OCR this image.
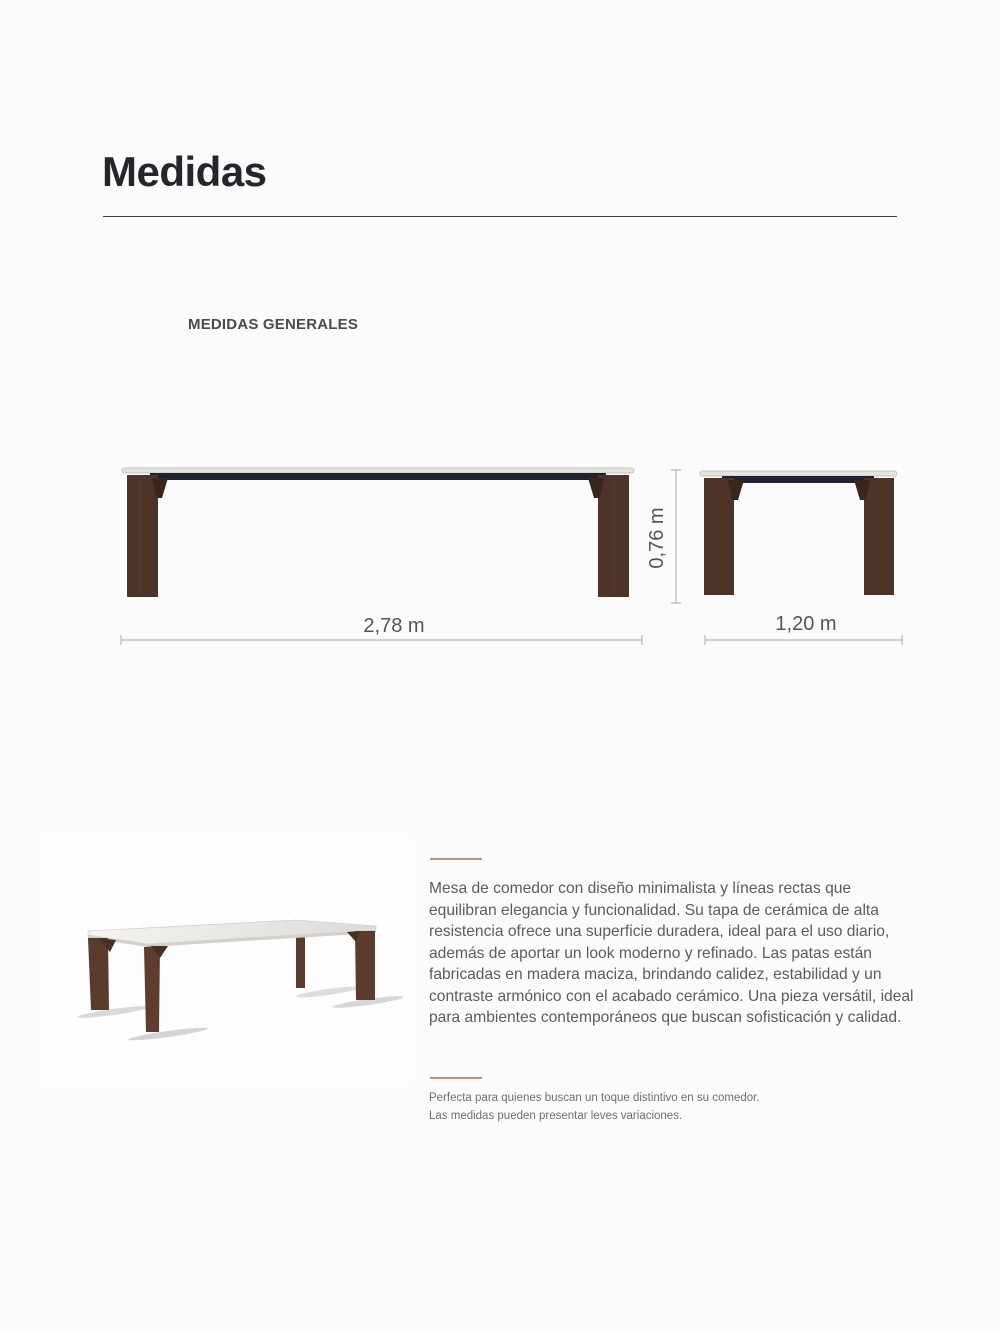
Medidas
MEDIDAS GENERALES
2,78 m
0,76 m
1,20 m

Mesa de comedor con diseño minimalista y líneas rectas que equilibran elegancia y funcionalidad. Su tapa de cerámica de alta resistencia ofrece una superficie duradera, ideal para el uso diario, además de aportar un look moderno y refinado. Las patas están fabricadas en madera maciza, brindando calidez, estabilidad y un contraste armónico con el acabado cerámico. Una pieza versátil, ideal para ambientes contemporáneos que buscan sofisticación y calidad.

Perfecta para quienes buscan un toque distintivo en su comedor.

Las medidas pueden presentar leves variaciones.
